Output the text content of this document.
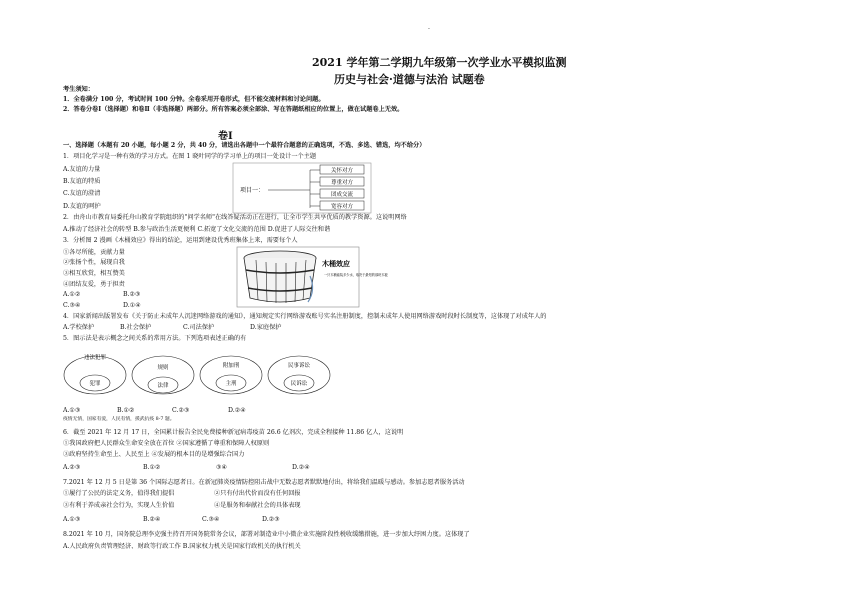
·
2021 学年第二学期九年级第一次学业水平模拟监测
历史与社会·道德与法治 试题卷
考生须知：
1．全卷满分 100 分，考试时间 100 分钟。全卷采用开卷形式，但不能交流材料和讨论问题。
2．答卷分卷Ⅰ（选择题）和卷Ⅱ（非选择题）两部分。所有答案必须全部涂、写在答题纸相应的位置上，做在试题卷上无效。
卷Ⅰ
一、选择题（本题有 20 小题，每小题 2 分，共 40 分，请选出各题中一个最符合题意的正确选项，不选、多选、错选，均不给分）
1．项目化学习是一种有效的学习方式。在图 1 晓叶同学的学习单上的项目一处设计一个主题
A.友谊的力量
B.友谊的特质
C.友谊的澄清
D.友谊的呵护
项目一：
关怀对方
尊重对方
团成交流
宽容对方
2．由舟山市教育局委托舟山教育学院组织的"问学名师"在线答疑活动正在进行，让全市学生共享优质的教学资源。这说明网络
A.推动了经济社会的转型 B.参与政治生活更便利 C.拓宽了文化交流的范围 D.促进了人际交往和谐
3．分析图 2 漫画《木桶效应》得出的结论，运用到建设优秀班集体上来，需要每个人
①各尽所能，贡献力量
②张扬个性，展现自我
③相互欣赏，相互赞美
④团结友爱，勇于担责
A.①②	B.②③
C.③④	D.①④
木桶效应
一只木桶能装多少水，取决于最短的那块木板
4．国家新闻出版署发布《关于防止未成年人沉迷网络游戏的通知》，通知规定实行网络游戏账号实名注册制度，控制未成年人使用网络游戏时段时长制度等，这体现了对成年人的
A.学校保护	B.社会保护	C.司法保护	D.家庭保护
5．图示法是表示概念之间关系的常用方法。下列选项表述正确的有
违法犯罪
犯罪
规则
法律
附加刑
主刑
民事诉讼
民诉讼
A.①③	B.①②	C.②③	D.②④
疫情无情，国家有爱，人民有情，援武抗疫 8-7 题。
6．截至 2021 年 12 月 17 日，全国累计报告全民免费接种新冠病毒疫苗 26.6 亿剂次，完成全程接种 11.86 亿人，这说明
①我国政府把人民群众生命安全放在首位 ②国家遵循了尊重和保障人权原则
③政府坚持生命至上、人民至上 ④发展的根本目的是增强综合国力
A.②③	B.①②	③④	D.②④
7.2021 年 12 月 5 日是第 36 个国际志愿者日。在新冠肺炎疫情防控阻击战中无数志愿者默默地付出，将给我们温暖与感动。参加志愿者服务活动
①履行了公民的法定义务，值得我们提倡	②只有付出代价而没有任何回报
③有利于养成亲社会行为，实现人生价值	④是服务和奉献社会的具体表现
A.①③	B.②④	C.③④	D.②③
8.2021 年 10 月，国务院总理李克强主持召开国务院常务会议，部署对制造业中小微企业实施阶段性税收缓缴措施，进一步加大纾困力度。这体现了
A.人民政府负责管理经济、财政等行政工作 B.国家权力机关是国家行政机关的执行机关
